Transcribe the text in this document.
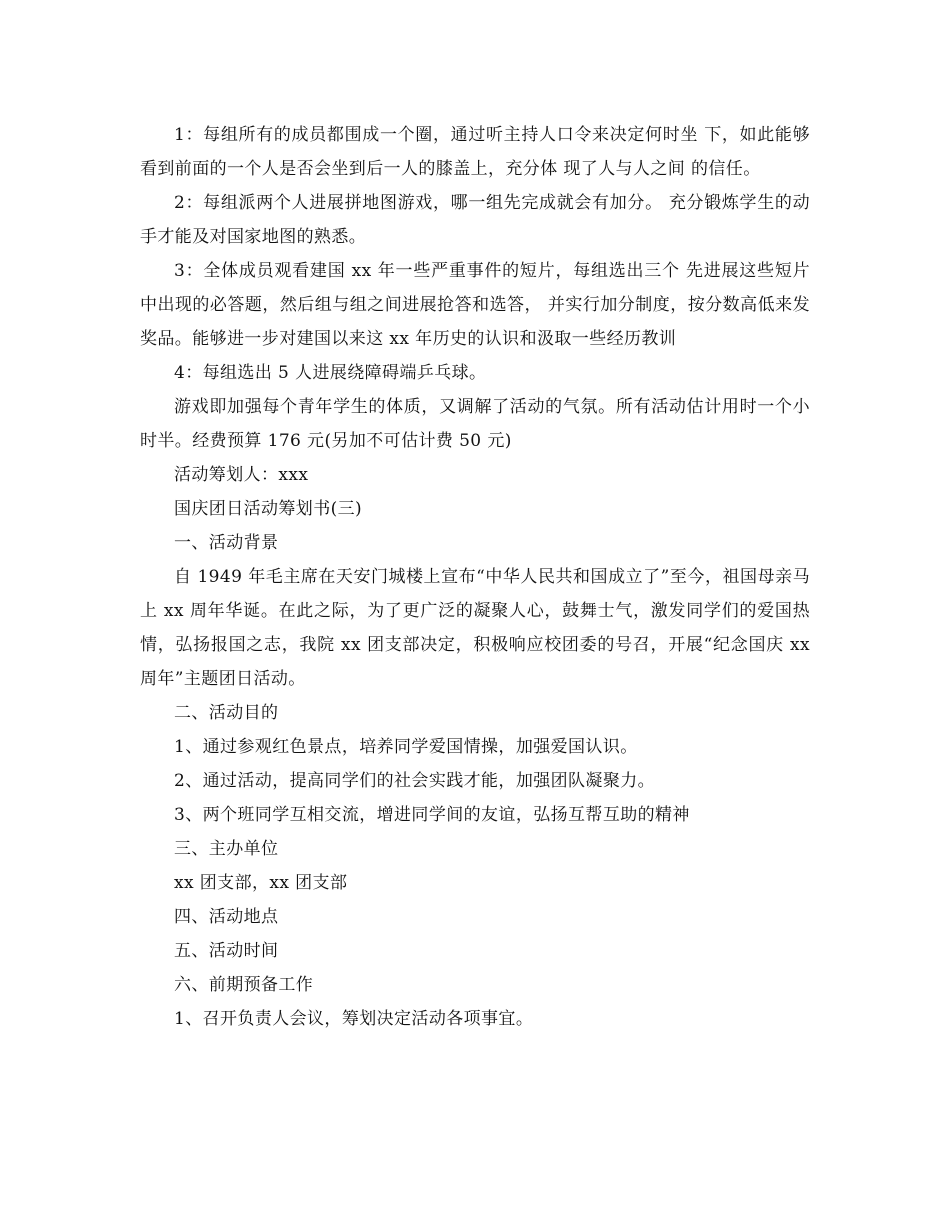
1：每组所有的成员都围成一个圈，通过听主持人口令来决定何时坐 下，如此能够看到前面的一个人是否会坐到后一人的膝盖上，充分体 现了人与人之间 的信任。

2：每组派两个人进展拼地图游戏，哪一组先完成就会有加分。 充分锻炼学生的动手才能及对国家地图的熟悉。

3：全体成员观看建国 xx 年一些严重事件的短片，每组选出三个 先进展这些短片中出现的必答题，然后组与组之间进展抢答和选答， 并实行加分制度，按分数高低来发奖品。能够进一步对建国以来这 xx 年历史的认识和汲取一些经历教训

4：每组选出 5 人进展绕障碍端乒乓球。

游戏即加强每个青年学生的体质，又调解了活动的气氛。所有活动估计用时一个小时半。经费预算 176 元(另加不可估计费 50 元)

活动筹划人：xxx

国庆团日活动筹划书(三)

一、活动背景

自 1949 年毛主席在天安门城楼上宣布“中华人民共和国成立了”至今，祖国母亲马上 xx 周年华诞。在此之际，为了更广泛的凝聚人心，鼓舞士气，激发同学们的爱国热情，弘扬报国之志，我院 xx 团支部决定，积极响应校团委的号召，开展“纪念国庆 xx 周年”主题团日活动。

二、活动目的

1、通过参观红色景点，培养同学爱国情操，加强爱国认识。

2、通过活动，提高同学们的社会实践才能，加强团队凝聚力。

3、两个班同学互相交流，增进同学间的友谊，弘扬互帮互助的精神

三、主办单位

xx 团支部，xx 团支部

四、活动地点

五、活动时间

六、前期预备工作

1、召开负责人会议，筹划决定活动各项事宜。
